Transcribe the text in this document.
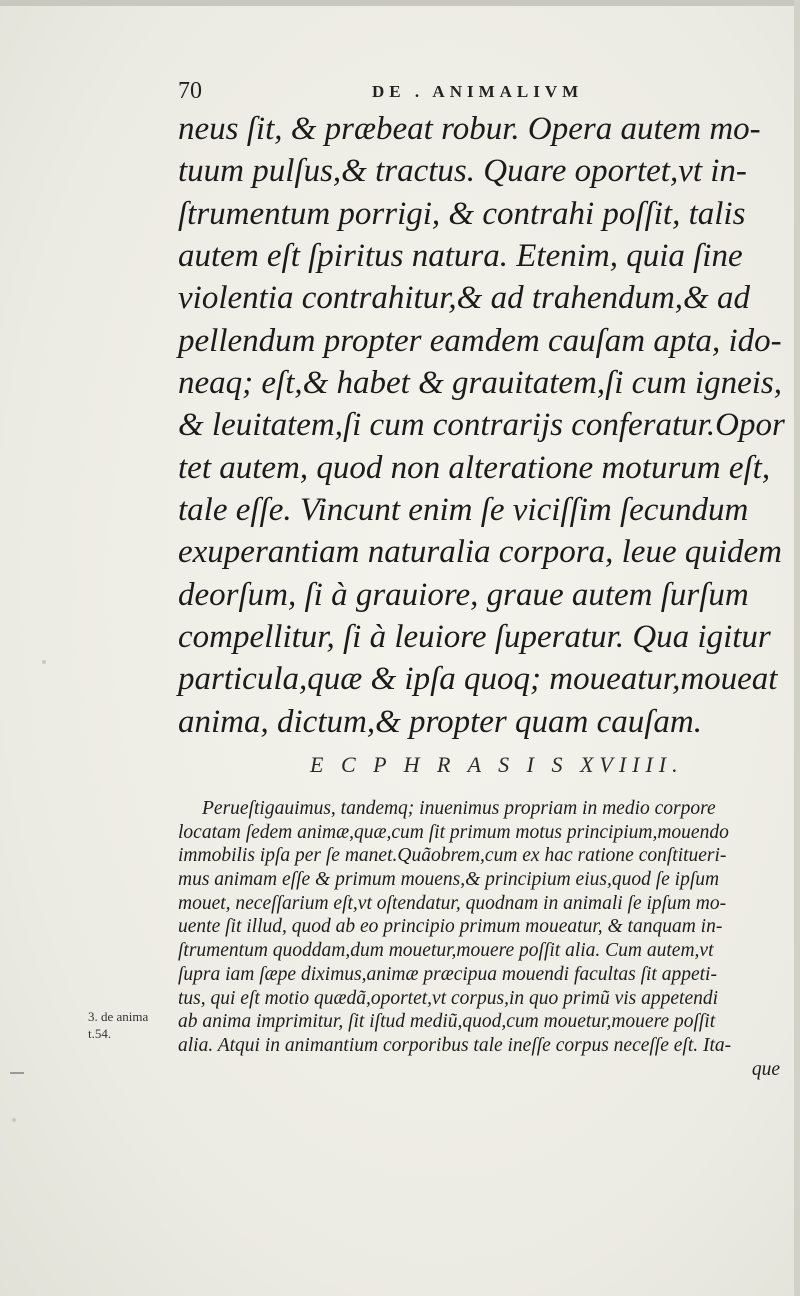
70	DE . ANIMALIVM
neus ſit, & præbeat robur. Opera autem mo-
tuum pulſus,& tractus. Quare oportet,vt in-
ſtrumentum porrigi, & contrahi poſſit, talis
autem eſt ſpiritus natura. Etenim, quia ſine
violentia contrahitur,& ad trahendum,& ad
pellendum propter eamdem cauſam apta, ido-
neaq; eſt,& habet & grauitatem,ſi cum igneis,
& leuitatem,ſi cum contrarijs conferatur.Opor
tet autem, quod non alteratione moturum eſt,
tale eſſe. Vincunt enim ſe viciſſim ſecundum
exuperantiam naturalia corpora, leue quidem
deorſum, ſi à grauiore, graue autem ſurſum
compellitur, ſi à leuiore ſuperatur. Qua igitur
particula,quæ & ipſa quoq; moueatur,moueat
anima, dictum,& propter quam cauſam.
E C P H R A S I S XVIIII.
Perueſtigauimus, tandemq; inuenimus propriam in medio corpore
locatam ſedem animæ,quæ,cum ſit primum motus principium,mouendo
immobilis ipſa per ſe manet.Quãobrem,cum ex hac ratione conſtitueri-
mus animam eſſe & primum mouens,& principium eius,quod ſe ipſum
mouet, neceſſarium eſt,vt oſtendatur, quodnam in animali ſe ipſum mo-
uente ſit illud, quod ab eo principio primum moueatur, & tanquam in-
ſtrumentum quoddam,dum mouetur,mouere poſſit alia. Cum autem,vt
ſupra iam ſæpe diximus,animæ præcipua mouendi facultas ſit appeti-
tus, qui eſt motio quædã,oportet,vt corpus,in quo primũ vis appetendi
ab anima imprimitur, ſit iſtud mediũ,quod,cum mouetur,mouere poſſit
alia. Atqui in animantium corporibus tale ineſſe corpus neceſſe eſt. Ita-
que
3. de anima
t.54.
